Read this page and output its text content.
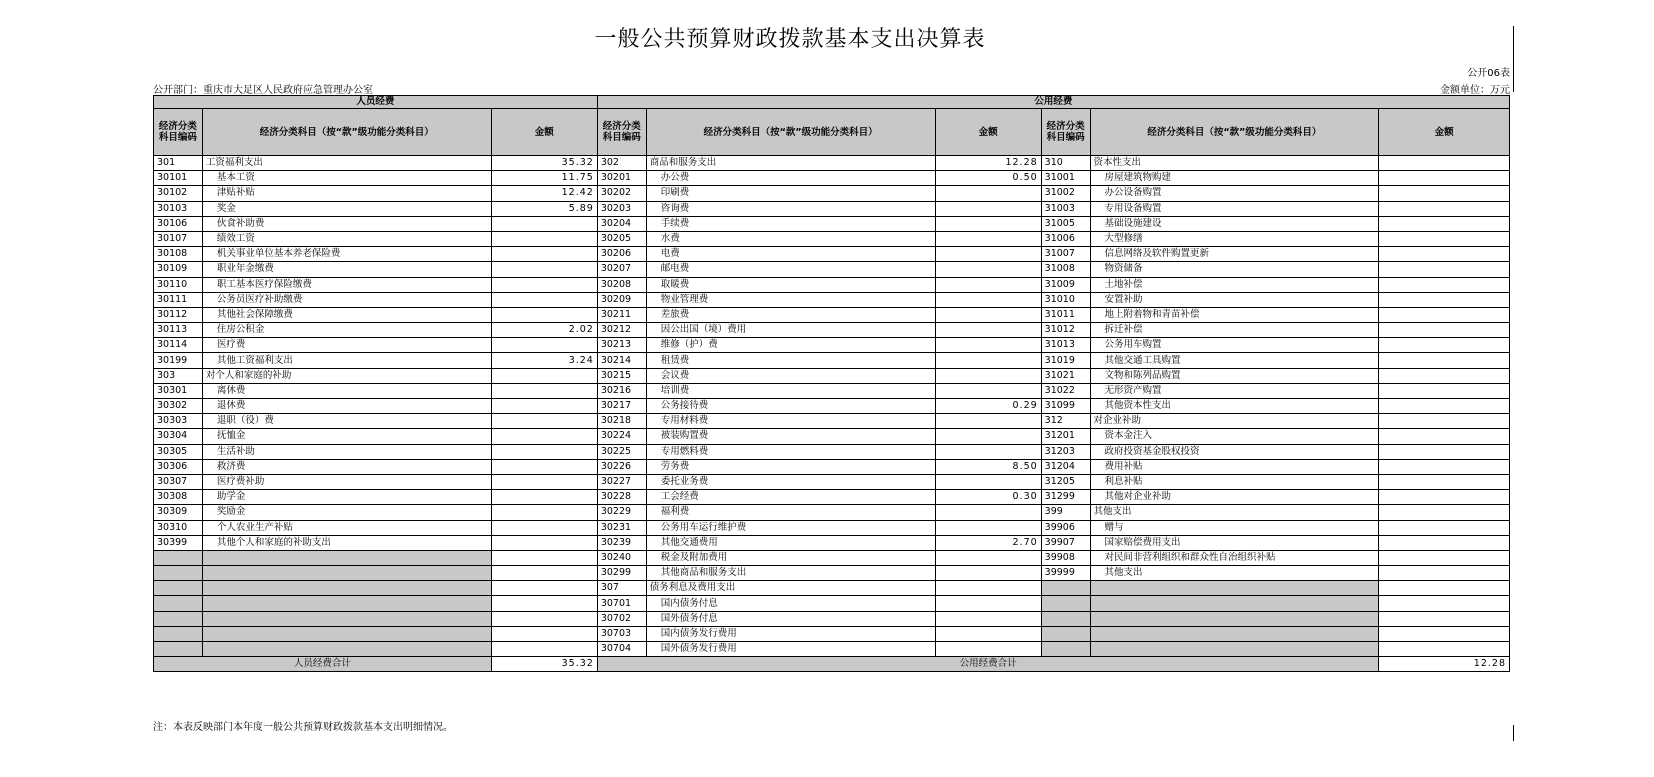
一般公共预算财政拨款基本支出决算表
公开06表
公开部门：重庆市大足区人民政府应急管理办公室	金额单位：万元
人员经费			公用经费					
经济分类科目编码	经济分类科目（按“款”级功能分类科目）	金额	经济分类科目编码	经济分类科目（按“款”级功能分类科目）	金额	经济分类科目编码	经济分类科目（按“款”级功能分类科目）	金额
301	工资福利支出	35.32	302	商品和服务支出	12.28	310	资本性支出	
30101	基本工资	11.75	30201	办公费	0.50	31001	房屋建筑物购建	
30102	津贴补贴	12.42	30202	印刷费		31002	办公设备购置	
30103	奖金	5.89	30203	咨询费		31003	专用设备购置	
30106	伙食补助费		30204	手续费		31005	基础设施建设	
30107	绩效工资		30205	水费		31006	大型修缮	
30108	机关事业单位基本养老保险费		30206	电费		31007	信息网络及软件购置更新	
30109	职业年金缴费		30207	邮电费		31008	物资储备	
30110	职工基本医疗保险缴费		30208	取暖费		31009	土地补偿	
30111	公务员医疗补助缴费		30209	物业管理费		31010	安置补助	
30112	其他社会保障缴费		30211	差旅费		31011	地上附着物和青苗补偿	
30113	住房公积金	2.02	30212	因公出国（境）费用		31012	拆迁补偿	
30114	医疗费		30213	维修（护）费		31013	公务用车购置	
30199	其他工资福利支出	3.24	30214	租赁费		31019	其他交通工具购置	
303	对个人和家庭的补助		30215	会议费		31021	文物和陈列品购置	
30301	离休费		30216	培训费		31022	无形资产购置	
30302	退休费		30217	公务接待费	0.29	31099	其他资本性支出	
30303	退职（役）费		30218	专用材料费		312	对企业补助	
30304	抚恤金		30224	被装购置费		31201	资本金注入	
30305	生活补助		30225	专用燃料费		31203	政府投资基金股权投资	
30306	救济费		30226	劳务费	8.50	31204	费用补贴	
30307	医疗费补助		30227	委托业务费		31205	利息补贴	
30308	助学金		30228	工会经费	0.30	31299	其他对企业补助	
30309	奖励金		30229	福利费		399	其他支出	
30310	个人农业生产补贴		30231	公务用车运行维护费		39906	赠与	
30399	其他个人和家庭的补助支出		30239	其他交通费用	2.70	39907	国家赔偿费用支出	
			30240	税金及附加费用		39908	对民间非营利组织和群众性自治组织补贴	
			30299	其他商品和服务支出		39999	其他支出	
			307	债务利息及费用支出				
			30701	国内债务付息				
			30702	国外债务付息				
			30703	国内债务发行费用				
			30704	国外债务发行费用				
人员经费合计		35.32	公用经费合计					12.28
注：本表反映部门本年度一般公共预算财政拨款基本支出明细情况。
